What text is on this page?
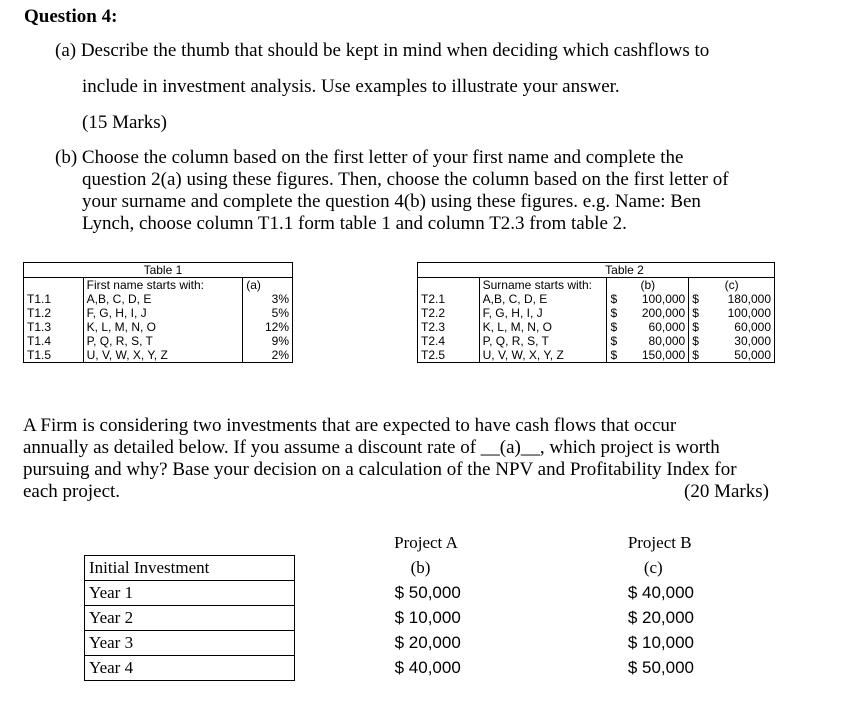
Question 4:
(a) Describe the thumb that should be kept in mind when deciding which cashflows to
include in investment analysis. Use examples to illustrate your answer.
(15 Marks)
(b) Choose the column based on the first letter of your first name and complete the
question 2(a) using these figures. Then, choose the column based on the first letter of
your surname and complete the question 4(b) using these figures. e.g. Name: Ben
Lynch, choose column T1.1 form table 1 and column T2.3 from table 2.
	Table 1	
	First name starts with:	(a)
T1.1	A,B, C, D, E	3%
T1.2	F, G, H, I, J	5%
T1.3	K, L, M, N, O	12%
T1.4	P, Q, R, S, T	9%
T1.5	U, V, W, X, Y, Z	2%
Table 2					
	Surname starts with:	(b)		(c)	
T2.1	A,B, C, D, E	$	100,000	$	180,000
T2.2	F, G, H, I, J	$	200,000	$	100,000
T2.3	K, L, M, N, O	$	60,000	$	60,000
T2.4	P, Q, R, S, T	$	80,000	$	30,000
T2.5	U, V, W, X, Y, Z	$	150,000	$	50,000
A Firm is considering two investments that are expected to have cash flows that occur
annually as detailed below. If you assume a discount rate of __(a)__, which project is worth
pursuing and why? Base your decision on a calculation of the NPV and Profitability Index for
each project.	(20 Marks)
	Project A	Project B
Initial Investment	(b)	(c)
Year 1	$ 50,000	$ 40,000
Year 2	$ 10,000	$ 20,000
Year 3	$ 20,000	$ 10,000
Year 4	$ 40,000	$ 50,000
